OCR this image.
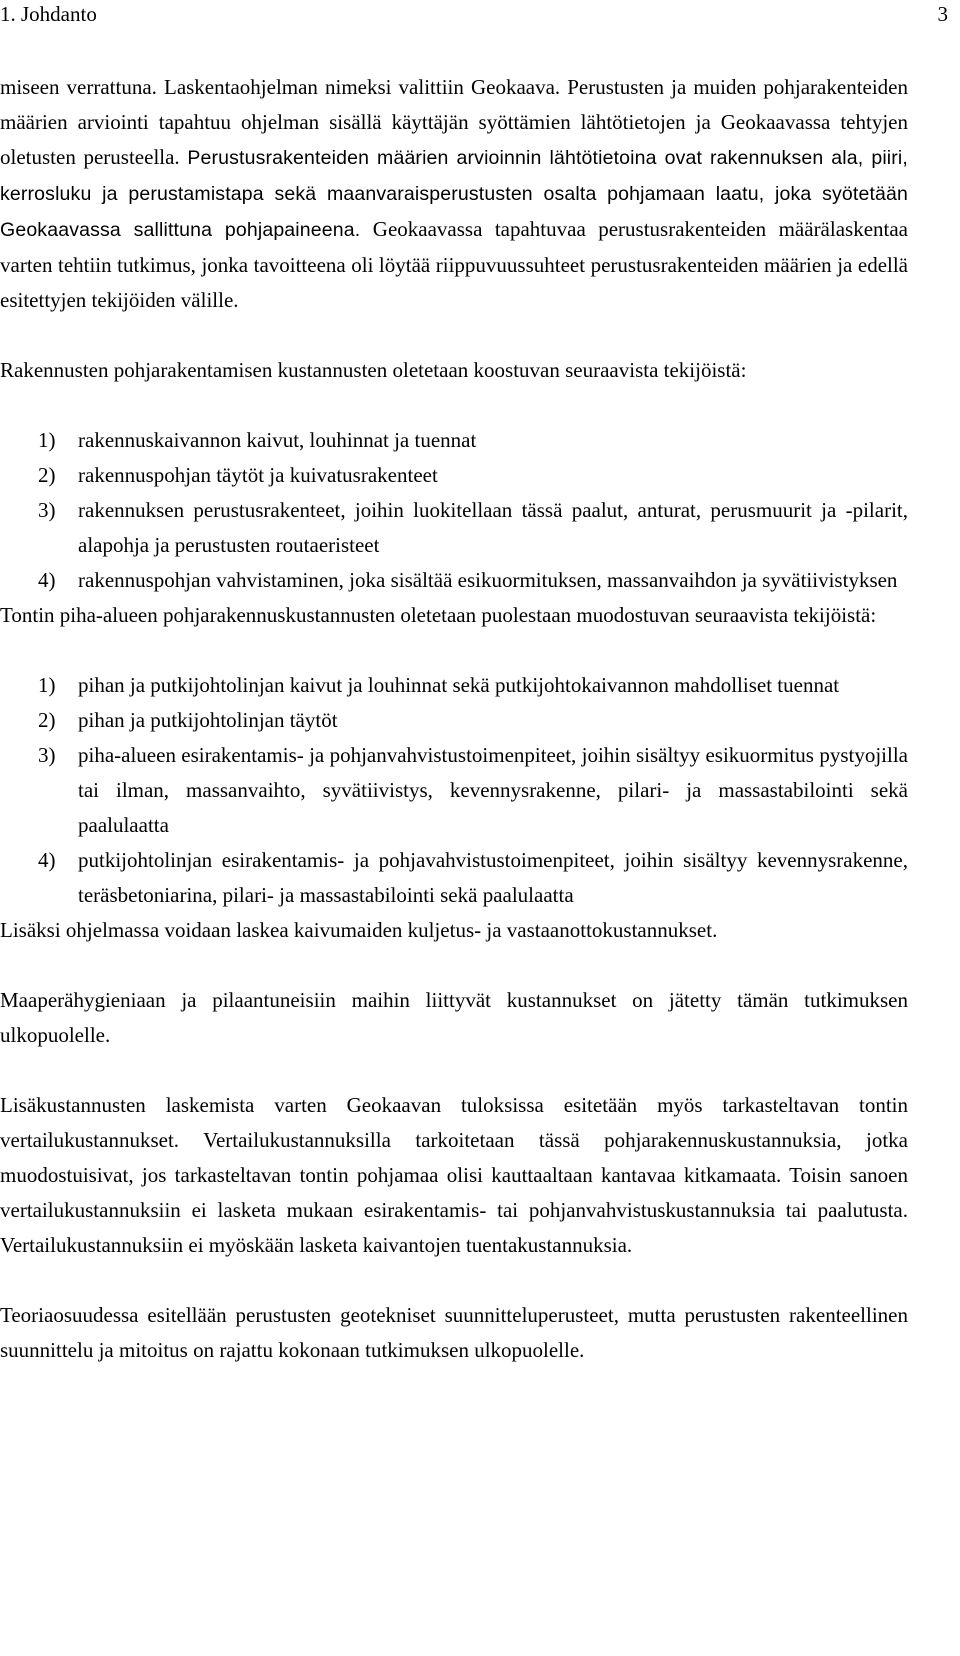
1. Johdanto	3

miseen verrattuna. Laskentaohjelman nimeksi valittiin Geokaava. Perustusten ja muiden pohjarakenteiden määrien arviointi tapahtuu ohjelman sisällä käyttäjän syöttämien lähtötietojen ja Geokaavassa tehtyjen oletusten perusteella. Perustusrakenteiden määrien arvioinnin lähtötietoina ovat rakennuksen ala, piiri, kerrosluku ja perustamistapa sekä maanvaraisperustusten osalta pohjamaan laatu, joka syötetään Geokaavassa sallittuna pohjapaineena. Geokaavassa tapahtuvaa perustusrakenteiden määrälaskentaa varten tehtiin tutkimus, jonka tavoitteena oli löytää riippuvuussuhteet perustusrakenteiden määrien ja edellä esitettyjen tekijöiden välille.

Rakennusten pohjarakentamisen kustannusten oletetaan koostuvan seuraavista tekijöistä:

1) rakennuskaivannon kaivut, louhinnat ja tuennat
2) rakennuspohjan täytöt ja kuivatusrakenteet
3) rakennuksen perustusrakenteet, joihin luokitellaan tässä paalut, anturat, perusmuurit ja -pilarit, alapohja ja perustusten routaeristeet
4) rakennuspohjan vahvistaminen, joka sisältää esikuormituksen, massanvaihdon ja syvätiivistyksen

Tontin piha-alueen pohjarakennuskustannusten oletetaan puolestaan muodostuvan seuraavista tekijöistä:

1) pihan ja putkijohtolinjan kaivut ja louhinnat sekä putkijohtokaivannon mahdolliset tuennat
2) pihan ja putkijohtolinjan täytöt
3) piha-alueen esirakentamis- ja pohjanvahvistustoimenpiteet, joihin sisältyy esikuormitus pystyojilla tai ilman, massanvaihto, syvätiivistys, kevennysrakenne, pilari- ja massastabilointi sekä paalulaatta
4) putkijohtolinjan esirakentamis- ja pohjavahvistustoimenpiteet, joihin sisältyy kevennysrakenne, teräsbetoniarina, pilari- ja massastabilointi sekä paalulaatta

Lisäksi ohjelmassa voidaan laskea kaivumaiden kuljetus- ja vastaanottokustannukset.

Maaperähygieniaan ja pilaantuneisiin maihin liittyvät kustannukset on jätetty tämän tutkimuksen ulkopuolelle.

Lisäkustannusten laskemista varten Geokaavan tuloksissa esitetään myös tarkasteltavan tontin vertailukustannukset. Vertailukustannuksilla tarkoitetaan tässä pohjarakennuskustannuksia, jotka muodostuisivat, jos tarkasteltavan tontin pohjamaa olisi kauttaaltaan kantavaa kitkamaata. Toisin sanoen vertailukustannuksiin ei lasketa mukaan esirakentamis- tai pohjanvahvistuskustannuksia tai paalutusta. Vertailukustannuksiin ei myöskään lasketa kaivantojen tuentakustannuksia.

Teoriaosuudessa esitellään perustusten geotekniset suunnitteluperusteet, mutta perustusten rakenteellinen suunnittelu ja mitoitus on rajattu kokonaan tutkimuksen ulkopuolelle.
